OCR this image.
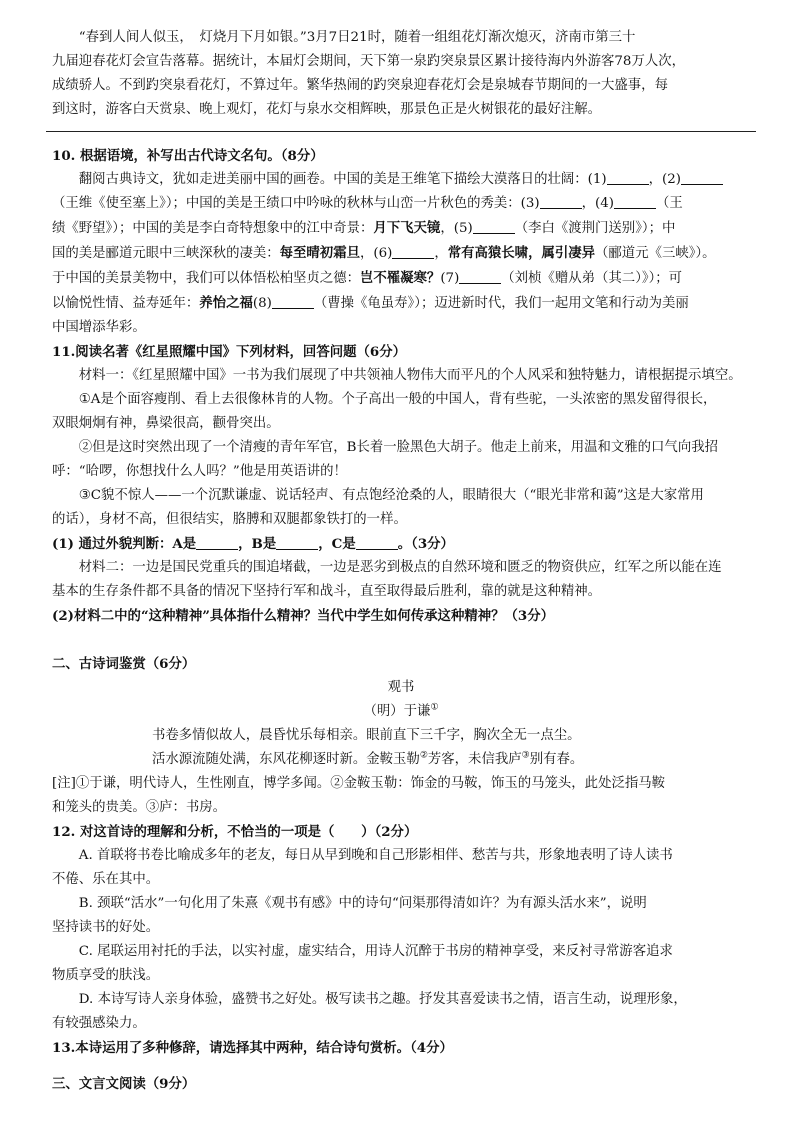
“春到人间人似玉，　灯烧月下月如银。”3月7日21时，随着一组组花灯渐次熄灭，济南市第三十

九届迎春花灯会宣告落幕。据统计，本届灯会期间，天下第一泉趵突泉景区累计接待海内外游客78万人次，

成绩骄人。不到趵突泉看花灯，不算过年。繁华热闹的趵突泉迎春花灯会是泉城春节期间的一大盛事，每

到这时，游客白天赏泉、晚上观灯，花灯与泉水交相辉映，那景色正是火树银花的最好注解。

10. 根据语境，补写出古代诗文名句。（8分）

翻阅古典诗文，犹如走进美丽中国的画卷。中国的美是王维笔下描绘大漠落日的壮阔：(1)	，(2)

（王维《使至塞上》）；中国的美是王绩口中吟咏的秋林与山峦一片秋色的秀美：(3)	，(4)	（王

绩《野望》）；中国的美是李白奇特想象中的江中奇景：月下飞天镜，(5)	（李白《渡荆门送别》）；中

国的美是郦道元眼中三峡深秋的凄美：每至晴初霜旦，(6)	，常有高猿长啸，属引凄异（郦道元《三峡》）。

于中国的美景美物中，我们可以体悟松柏坚贞之德：岂不罹凝寒？(7)	（刘桢《赠从弟（其二）》）；可

以愉悦性情、益寿延年：养怡之福(8)	（曹操《龟虽寿》）；迈进新时代，我们一起用文笔和行动为美丽

中国增添华彩。

11.阅读名著《红星照耀中国》下列材料，回答问题（6分）

材料一：《红星照耀中国》一书为我们展现了中共领袖人物伟大而平凡的个人风采和独特魅力，请根据提示填空。

①A是个面容瘦削、看上去很像林肯的人物。个子高出一般的中国人，背有些驼，一头浓密的黑发留得很长，

双眼炯炯有神，鼻梁很高，颧骨突出。

②但是这时突然出现了一个清瘦的青年军官，B长着一脸黑色大胡子。他走上前来，用温和文雅的口气向我招

呼：“哈啰，你想找什么人吗？”他是用英语讲的！

③C貌不惊人——一个沉默谦虚、说话轻声、有点饱经沧桑的人，眼睛很大（“眼光非常和蔼”这是大家常用

的话），身材不高，但很结实，胳膊和双腿都象铁打的一样。

(1) 通过外貌判断：A是	，B是	，C是	。（3分）

材料二：一边是国民党重兵的围追堵截，一边是恶劣到极点的自然环境和匮乏的物资供应，红军之所以能在连

基本的生存条件都不具备的情况下坚持行军和战斗，直至取得最后胜利，靠的就是这种精神。

(2)材料二中的“这种精神”具体指什么精神？当代中学生如何传承这种精神？（3分）

二、古诗词鉴赏（6分）

观书

（明）于谦①

书卷多情似故人，晨昏忧乐每相亲。眼前直下三千字，胸次全无一点尘。

活水源流随处满，东风花柳逐时新。金鞍玉勒②芳客，未信我庐③别有春。

[注]①于谦，明代诗人，生性刚直，博学多闻。②金鞍玉勒：饰金的马鞍，饰玉的马笼头，此处泛指马鞍

和笼头的贵美。③庐：书房。

12. 对这首诗的理解和分析，不恰当的一项是（　　）（2分）

A. 首联将书卷比喻成多年的老友，每日从早到晚和自己形影相伴、愁苦与共，形象地表明了诗人读书

不倦、乐在其中。

B. 颈联“活水”一句化用了朱熹《观书有感》中的诗句“问渠那得清如许？为有源头活水来”，说明

坚持读书的好处。

C. 尾联运用衬托的手法，以实衬虚，虚实结合，用诗人沉醉于书房的精神享受，来反衬寻常游客追求

物质享受的肤浅。

D. 本诗写诗人亲身体验，盛赞书之好处。极写读书之趣。抒发其喜爱读书之情，语言生动，说理形象，

有较强感染力。

13.本诗运用了多种修辞，请选择其中两种，结合诗句赏析。（4分）

三、文言文阅读（9分）
